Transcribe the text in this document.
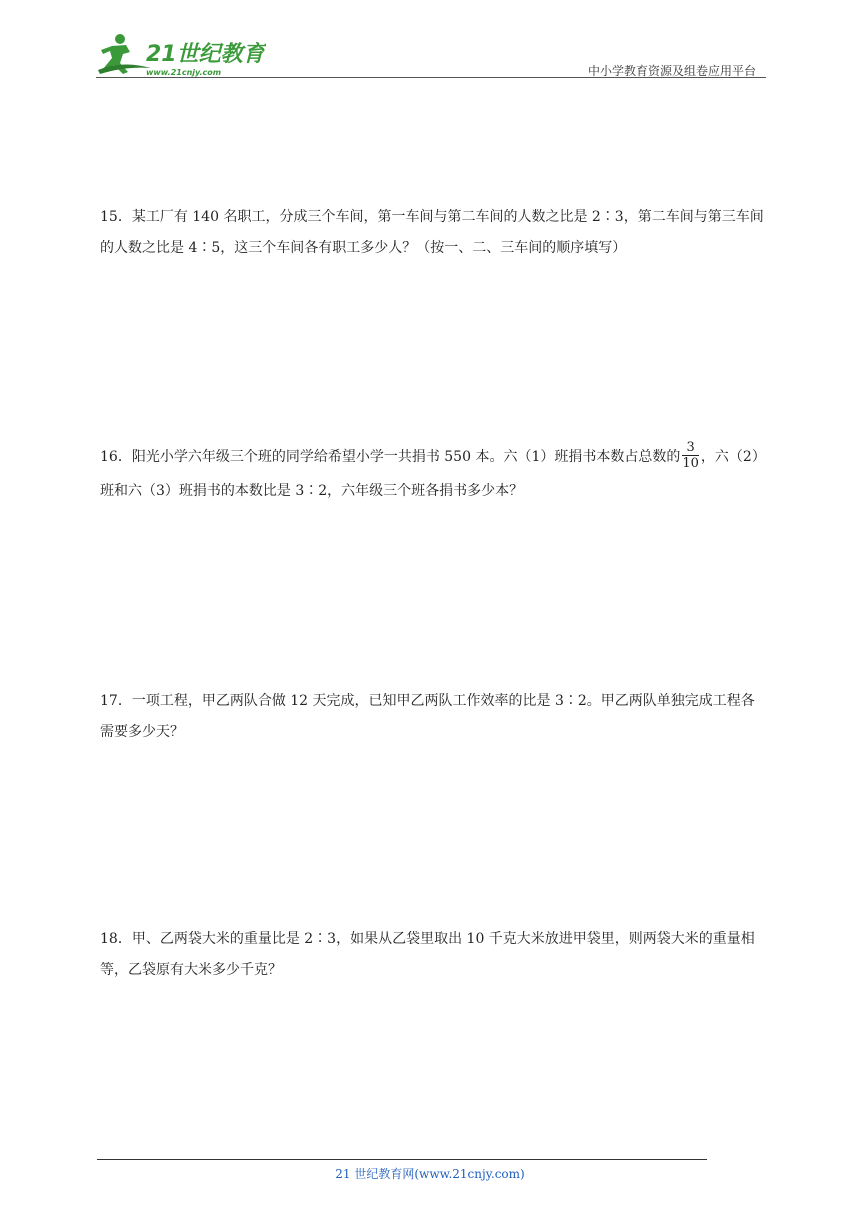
21世纪教育
www.21cnjy.com	中小学教育资源及组卷应用平台
15．某工厂有 140 名职工，分成三个车间，第一车间与第二车间的人数之比是 2∶3，第二车间与第三车间的人数之比是 4∶5，这三个车间各有职工多少人？（按一、二、三车间的顺序填写）
16．阳光小学六年级三个班的同学给希望小学一共捐书 550 本。六（1）班捐书本数占总数的 $\frac{3}{10}$ ，六（2）班和六（3）班捐书的本数比是 3∶2，六年级三个班各捐书多少本？
17．一项工程，甲乙两队合做 12 天完成，已知甲乙两队工作效率的比是 3∶2。甲乙两队单独完成工程各需要多少天？
18．甲、乙两袋大米的重量比是 2∶3，如果从乙袋里取出 10 千克大米放进甲袋里，则两袋大米的重量相等，乙袋原有大米多少千克？
21 世纪教育网(www.21cnjy.com)
